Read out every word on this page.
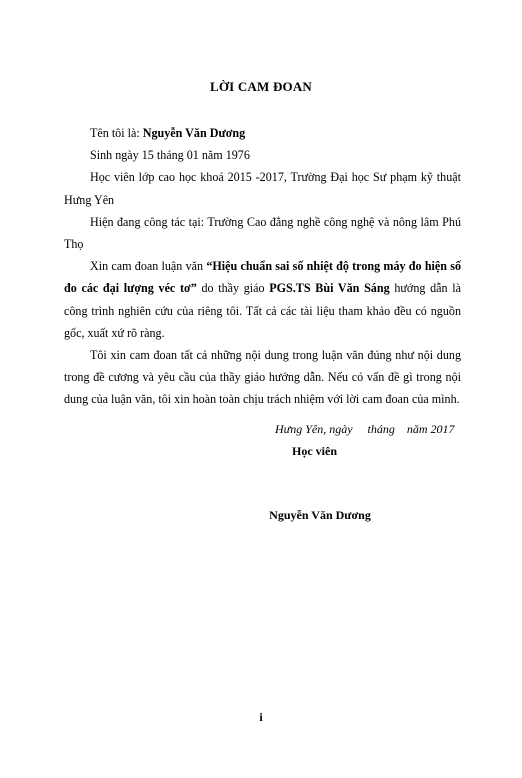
LỜI CAM ĐOAN

Tên tôi là: Nguyễn Văn Dương

Sinh ngày 15 tháng 01 năm 1976

Học viên lớp cao học khoá 2015 -2017, Trường Đại học Sư phạm kỹ thuật Hưng Yên

Hiện đang công tác tại: Trường Cao đẳng nghề công nghệ và nông lâm Phú Thọ

Xin cam đoan luận văn “Hiệu chuẩn sai số nhiệt độ trong máy đo hiện số đo các đại lượng véc tơ” do thầy giáo PGS.TS Bùi Văn Sáng hướng dẫn là công trình nghiên cứu của riêng tôi. Tất cả các tài liệu tham khảo đều có nguồn gốc, xuất xứ rõ ràng.

Tôi xin cam đoan tất cả những nội dung trong luận văn đúng như nội dung trong đề cương và yêu cầu của thầy giáo hướng dẫn. Nếu có vấn đề gì trong nội dung của luận văn, tôi xin hoàn toàn chịu trách nhiệm với lời cam đoan của mình.

Hưng Yên, ngày     tháng    năm 2017
Học viên
Nguyễn Văn Dương
i
